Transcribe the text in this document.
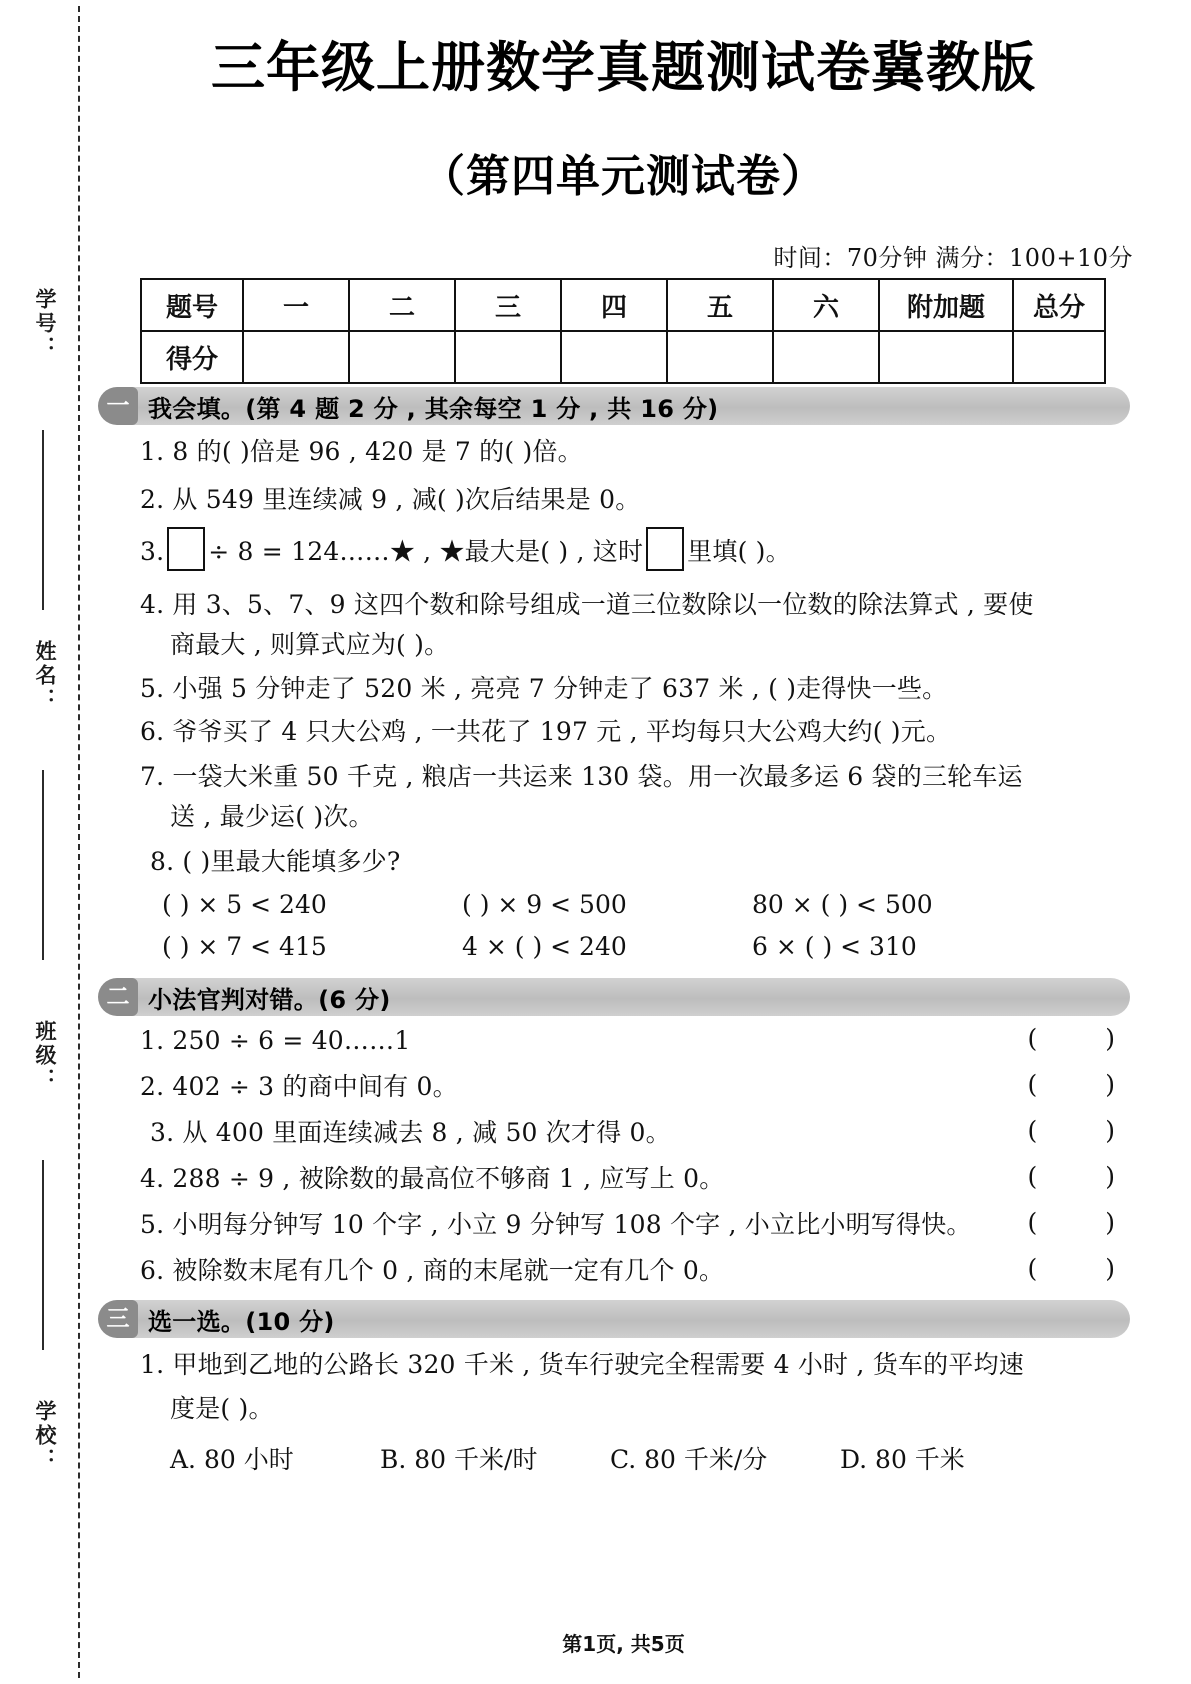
学号：
姓名：
班级：
学校：
三年级上册数学真题测试卷冀教版
（第四单元测试卷）
时间：70分钟 满分：100+10分
题号	一	二	三	四	五	六	附加题	总分
得分								
一 我会填。(第 4 题 2 分 , 其余每空 1 分 , 共 16 分)
1. 8 的( )倍是 96 , 420 是 7 的( )倍。
2. 从 549 里连续减 9 , 减( )次后结果是 0。
3. ÷ 8 = 124……★ , ★最大是( ) , 这时 里填( )。
4. 用 3、5、7、9 这四个数和除号组成一道三位数除以一位数的除法算式 , 要使
商最大 , 则算式应为( )。
5. 小强 5 分钟走了 520 米 , 亮亮 7 分钟走了 637 米 , ( )走得快一些。
6. 爷爷买了 4 只大公鸡 , 一共花了 197 元 , 平均每只大公鸡大约( )元。
7. 一袋大米重 50 千克 , 粮店一共运来 130 袋。用一次最多运 6 袋的三轮车运
送 , 最少运( )次。
8. ( )里最大能填多少?
( ) × 5 < 240	( ) × 9 < 500	80 × ( ) < 500
( ) × 7 < 415	4 × ( ) < 240	6 × ( ) < 310
二 小法官判对错。(6 分)
1. 250 ÷ 6 = 40……1	( )
2. 402 ÷ 3 的商中间有 0。	( )
3. 从 400 里面连续减去 8 , 减 50 次才得 0。	( )
4. 288 ÷ 9 , 被除数的最高位不够商 1 , 应写上 0。	( )
5. 小明每分钟写 10 个字 , 小立 9 分钟写 108 个字 , 小立比小明写得快。 ( )
6. 被除数末尾有几个 0 , 商的末尾就一定有几个 0。	( )
三 选一选。(10 分)
1. 甲地到乙地的公路长 320 千米 , 货车行驶完全程需要 4 小时 , 货车的平均速
度是( )。
A. 80 小时	B. 80 千米/时	C. 80 千米/分	D. 80 千米
第1页, 共5页
